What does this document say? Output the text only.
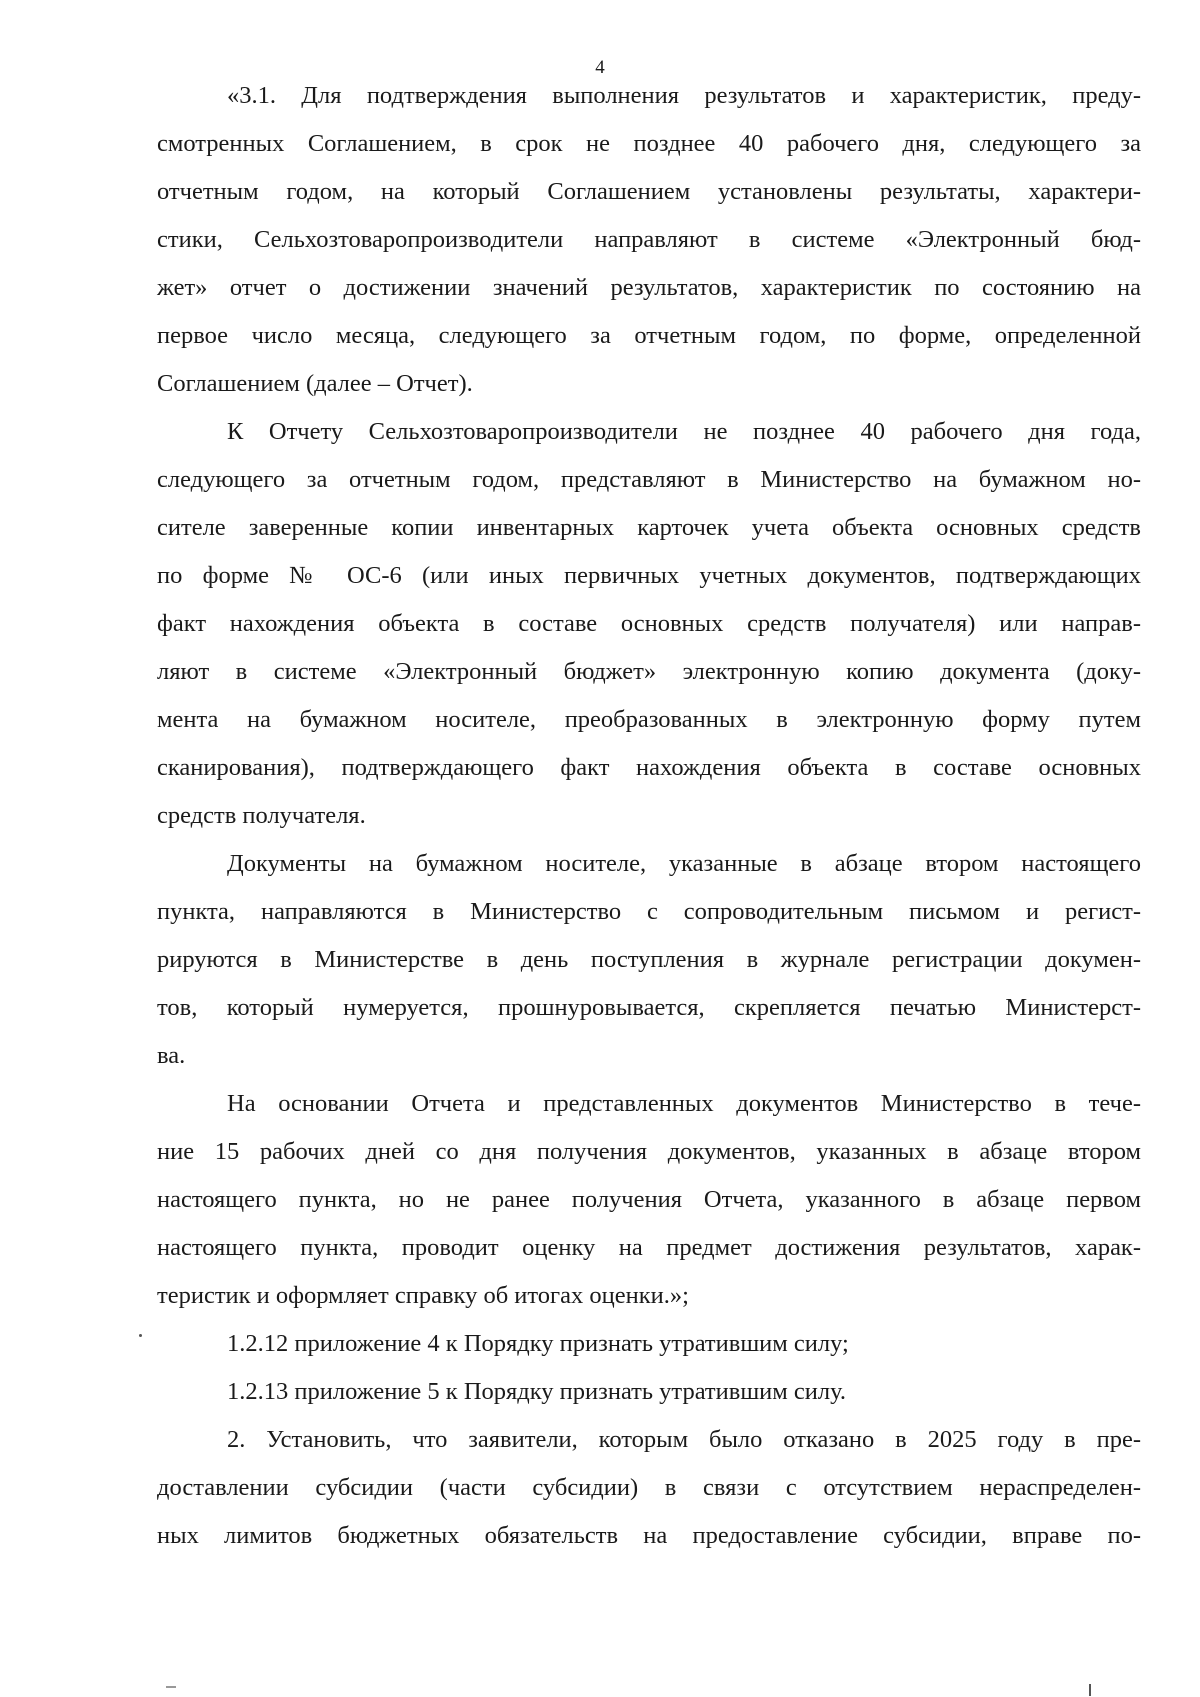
4
«3.1. Для подтверждения выполнения результатов и характеристик, преду-
смотренных Соглашением, в срок не позднее 40 рабочего дня, следующего за
отчетным годом, на который Соглашением установлены результаты, характери-
стики, Сельхозтоваропроизводители направляют в системе «Электронный бюд-
жет» отчет о достижении значений результатов, характеристик по состоянию на
первое число месяца, следующего за отчетным годом, по форме, определенной
Соглашением (далее – Отчет).
К Отчету Сельхозтоваропроизводители не позднее 40 рабочего дня года,
следующего за отчетным годом, представляют в Министерство на бумажном но-
сителе заверенные копии инвентарных карточек учета объекта основных средств
по форме № ОС-6 (или иных первичных учетных документов, подтверждающих
факт нахождения объекта в составе основных средств получателя) или направ-
ляют в системе «Электронный бюджет» электронную копию документа (доку-
мента на бумажном носителе, преобразованных в электронную форму путем
сканирования), подтверждающего факт нахождения объекта в составе основных
средств получателя.
Документы на бумажном носителе, указанные в абзаце втором настоящего
пункта, направляются в Министерство с сопроводительным письмом и регист-
рируются в Министерстве в день поступления в журнале регистрации докумен-
тов, который нумеруется, прошнуровывается, скрепляется печатью Министерст-
ва.
На основании Отчета и представленных документов Министерство в тече-
ние 15 рабочих дней со дня получения документов, указанных в абзаце втором
настоящего пункта, но не ранее получения Отчета, указанного в абзаце первом
настоящего пункта, проводит оценку на предмет достижения результатов, харак-
теристик и оформляет справку об итогах оценки.»;
1.2.12 приложение 4 к Порядку признать утратившим силу;
1.2.13 приложение 5 к Порядку признать утратившим силу.
2. Установить, что заявители, которым было отказано в 2025 году в пре-
доставлении субсидии (части субсидии) в связи с отсутствием нераспределен-
ных лимитов бюджетных обязательств на предоставление субсидии, вправе по-
